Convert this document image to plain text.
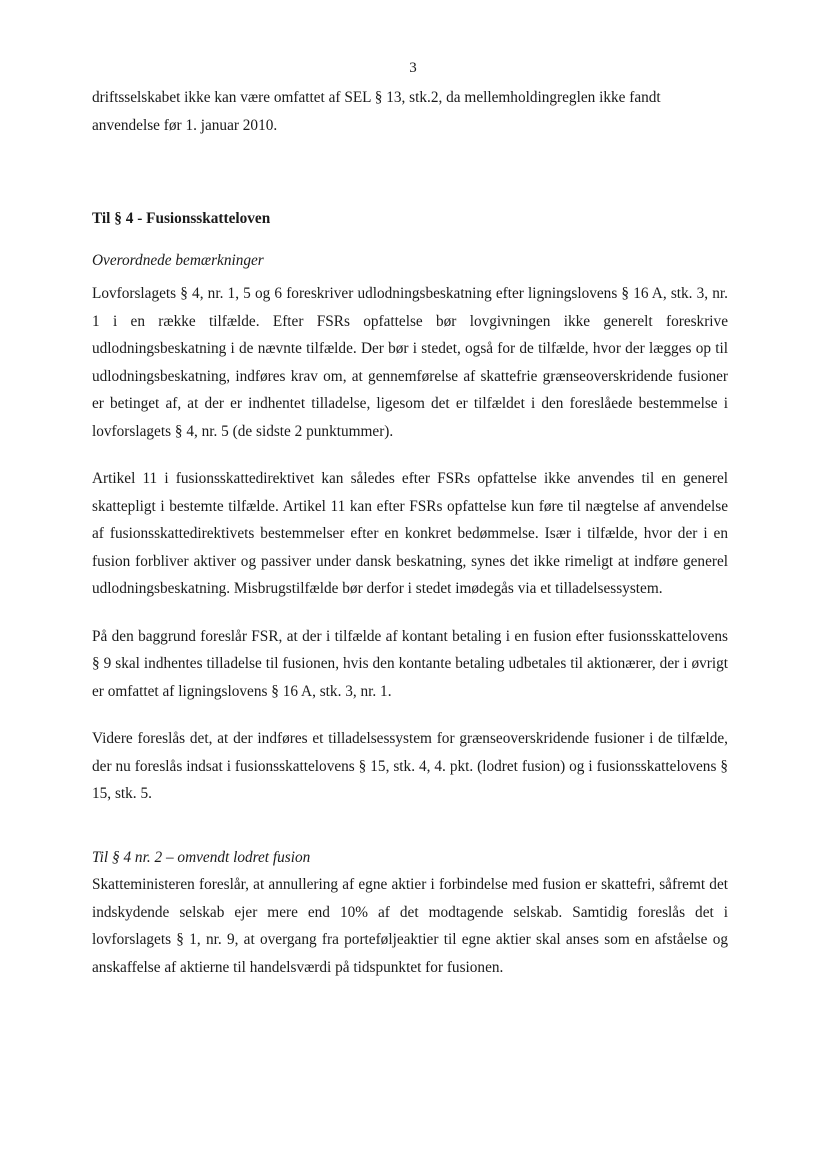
3

driftsselskabet ikke kan være omfattet af SEL § 13, stk.2, da mellemholdingreglen ikke fandt anvendelse før 1. januar 2010.

Til § 4 - Fusionsskatteloven

Overordnede bemærkninger

Lovforslagets § 4, nr. 1, 5 og 6 foreskriver udlodningsbeskatning efter ligningslovens § 16 A, stk. 3, nr. 1 i en række tilfælde. Efter FSRs opfattelse bør lovgivningen ikke generelt foreskrive udlodningsbeskatning i de nævnte tilfælde. Der bør i stedet, også for de tilfælde, hvor der lægges op til udlodningsbeskatning, indføres krav om, at gennemførelse af skattefrie grænseoverskridende fusioner er betinget af, at der er indhentet tilladelse, ligesom det er tilfældet i den foreslåede bestemmelse i lovforslagets § 4, nr. 5 (de sidste 2 punktummer).

Artikel 11 i fusionsskattedirektivet kan således efter FSRs opfattelse ikke anvendes til en generel skattepligt i bestemte tilfælde. Artikel 11 kan efter FSRs opfattelse kun føre til nægtelse af anvendelse af fusionsskattedirektivets bestemmelser efter en konkret bedømmelse. Især i tilfælde, hvor der i en fusion forbliver aktiver og passiver under dansk beskatning, synes det ikke rimeligt at indføre generel udlodningsbeskatning. Misbrugstilfælde bør derfor i stedet imødegås via et tilladelsessystem.

På den baggrund foreslår FSR, at der i tilfælde af kontant betaling i en fusion efter fusionsskattelovens § 9 skal indhentes tilladelse til fusionen, hvis den kontante betaling udbetales til aktionærer, der i øvrigt er omfattet af ligningslovens § 16 A, stk. 3, nr. 1.

Videre foreslås det, at der indføres et tilladelsessystem for grænseoverskridende fusioner i de tilfælde, der nu foreslås indsat i fusionsskattelovens § 15, stk. 4, 4. pkt. (lodret fusion) og i fusionsskattelovens § 15, stk. 5.

Til § 4 nr. 2 – omvendt lodret fusion

Skatteministeren foreslår, at annullering af egne aktier i forbindelse med fusion er skattefri, såfremt det indskydende selskab ejer mere end 10% af det modtagende selskab. Samtidig foreslås det i lovforslagets § 1, nr. 9, at overgang fra porteføljeaktier til egne aktier skal anses som en afståelse og anskaffelse af aktierne til handelsværdi på tidspunktet for fusionen.
